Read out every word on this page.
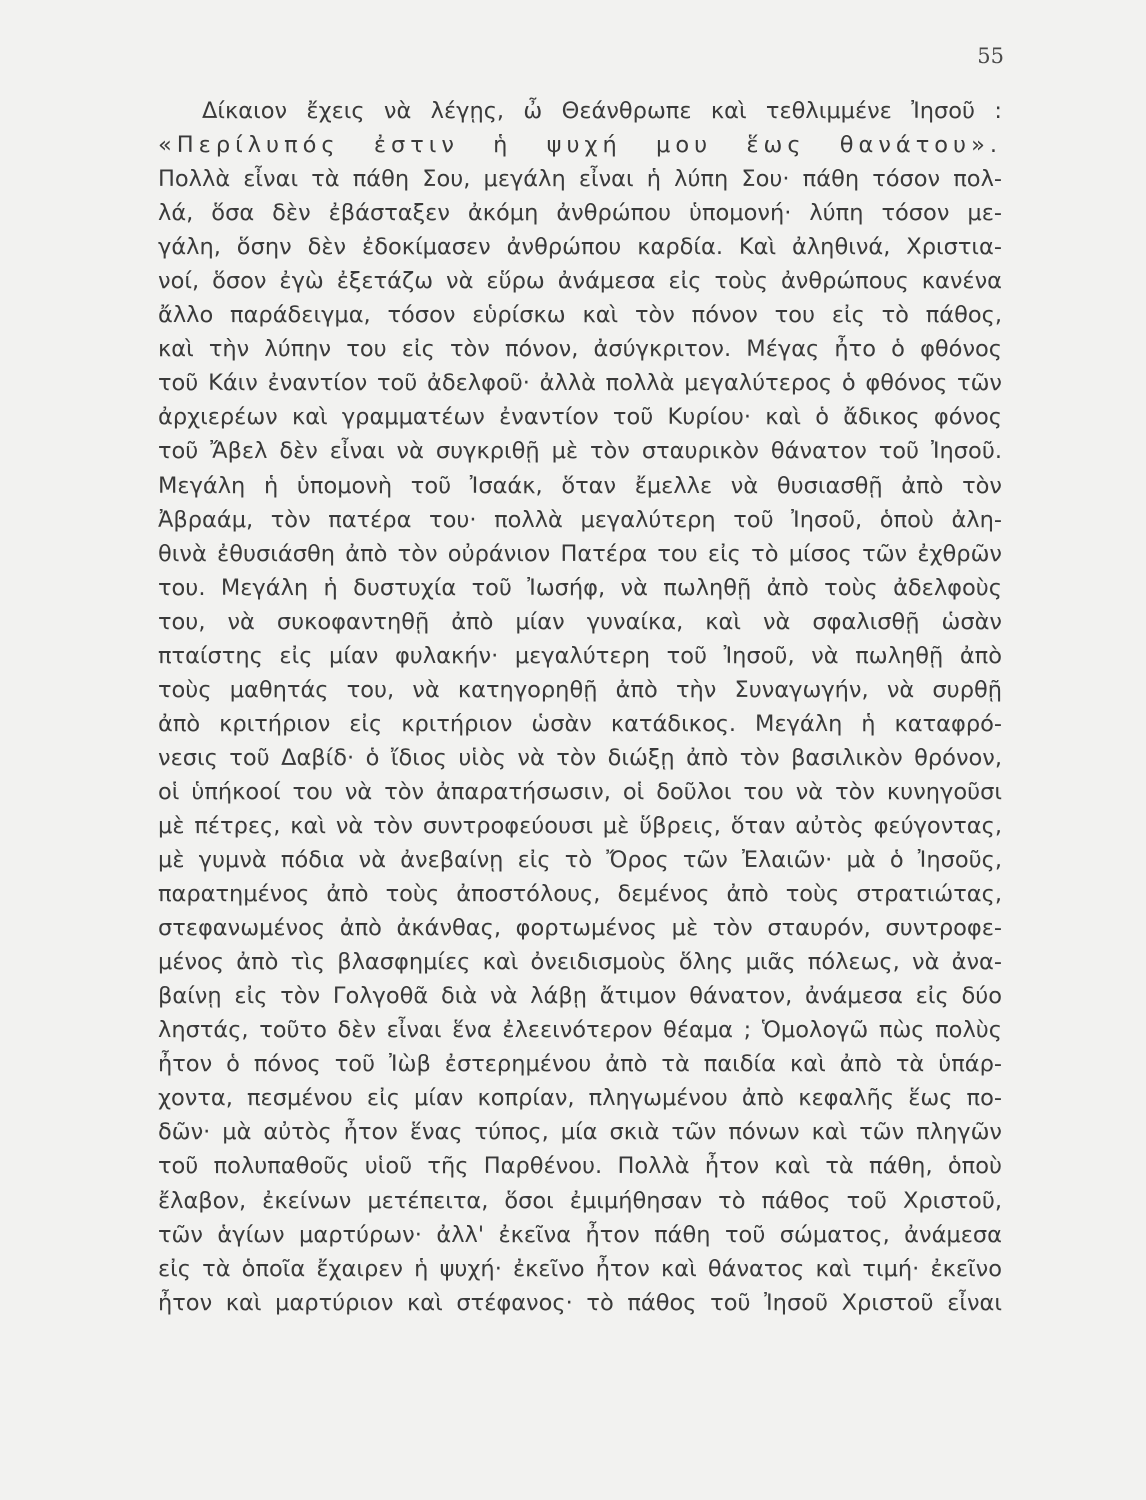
55
Δίκαιον ἔχεις νὰ λέγῃς, ὦ Θεάνθρωπε καὶ τεθλιμμένε Ἰησοῦ :
«Περίλυπός ἐστιν ἡ ψυχή μου ἕως θανάτου».
Πολλὰ εἶναι τὰ πάθη Σου, μεγάλη εἶναι ἡ λύπη Σου· πάθη τόσον πολ-
λά, ὅσα δὲν ἐβάσταξεν ἀκόμη ἀνθρώπου ὑπομονή· λύπη τόσον με-
γάλη, ὅσην δὲν ἐδοκίμασεν ἀνθρώπου καρδία. Καὶ ἀληθινά, Χριστια-
νοί, ὅσον ἐγὼ ἐξετάζω νὰ εὕρω ἀνάμεσα εἰς τοὺς ἀνθρώπους κανένα
ἄλλο παράδειγμα, τόσον εὑρίσκω καὶ τὸν πόνον του εἰς τὸ πάθος,
καὶ τὴν λύπην του εἰς τὸν πόνον, ἀσύγκριτον. Μέγας ἦτο ὁ φθόνος
τοῦ Κάιν ἐναντίον τοῦ ἀδελφοῦ· ἀλλὰ πολλὰ μεγαλύτερος ὁ φθόνος τῶν
ἀρχιερέων καὶ γραμματέων ἐναντίον τοῦ Κυρίου· καὶ ὁ ἄδικος φόνος
τοῦ Ἄβελ δὲν εἶναι νὰ συγκριθῇ μὲ τὸν σταυρικὸν θάνατον τοῦ Ἰησοῦ.
Μεγάλη ἡ ὑπομονὴ τοῦ Ἰσαάκ, ὅταν ἔμελλε νὰ θυσιασθῇ ἀπὸ τὸν
Ἀβραάμ, τὸν πατέρα του· πολλὰ μεγαλύτερη τοῦ Ἰησοῦ, ὁποὺ ἀλη-
θινὰ ἐθυσιάσθη ἀπὸ τὸν οὐράνιον Πατέρα του εἰς τὸ μίσος τῶν ἐχθρῶν
του. Μεγάλη ἡ δυστυχία τοῦ Ἰωσήφ, νὰ πωληθῇ ἀπὸ τοὺς ἀδελφοὺς
του, νὰ συκοφαντηθῇ ἀπὸ μίαν γυναίκα, καὶ νὰ σφαλισθῇ ὡσὰν
πταίστης εἰς μίαν φυλακήν· μεγαλύτερη τοῦ Ἰησοῦ, νὰ πωληθῇ ἀπὸ
τοὺς μαθητάς του, νὰ κατηγορηθῇ ἀπὸ τὴν Συναγωγήν, νὰ συρθῇ
ἀπὸ κριτήριον εἰς κριτήριον ὡσὰν κατάδικος. Μεγάλη ἡ καταφρό-
νεσις τοῦ Δαβίδ· ὁ ἴδιος υἱὸς νὰ τὸν διώξῃ ἀπὸ τὸν βασιλικὸν θρόνον,
οἱ ὑπήκοοί του νὰ τὸν ἀπαρατήσωσιν, οἱ δοῦλοι του νὰ τὸν κυνηγοῦσι
μὲ πέτρες, καὶ νὰ τὸν συντροφεύουσι μὲ ὕβρεις, ὅταν αὐτὸς φεύγοντας,
μὲ γυμνὰ πόδια νὰ ἀνεβαίνῃ εἰς τὸ Ὄρος τῶν Ἐλαιῶν· μὰ ὁ Ἰησοῦς,
παρατημένος ἀπὸ τοὺς ἀποστόλους, δεμένος ἀπὸ τοὺς στρατιώτας,
στεφανωμένος ἀπὸ ἀκάνθας, φορτωμένος μὲ τὸν σταυρόν, συντροφε-
μένος ἀπὸ τὶς βλασφημίες καὶ ὀνειδισμοὺς ὅλης μιᾶς πόλεως, νὰ ἀνα-
βαίνῃ εἰς τὸν Γολγοθᾶ διὰ νὰ λάβῃ ἄτιμον θάνατον, ἀνάμεσα εἰς δύο
ληστάς, τοῦτο δὲν εἶναι ἕνα ἐλεεινότερον θέαμα ; Ὁμολογῶ πὼς πολὺς
ἦτον ὁ πόνος τοῦ Ἰὼβ ἐστερημένου ἀπὸ τὰ παιδία καὶ ἀπὸ τὰ ὑπάρ-
χοντα, πεσμένου εἰς μίαν κοπρίαν, πληγωμένου ἀπὸ κεφαλῆς ἕως πο-
δῶν· μὰ αὐτὸς ἦτον ἕνας τύπος, μία σκιὰ τῶν πόνων καὶ τῶν πληγῶν
τοῦ πολυπαθοῦς υἱοῦ τῆς Παρθένου. Πολλὰ ἦτον καὶ τὰ πάθη, ὁποὺ
ἔλαβον, ἐκείνων μετέπειτα, ὅσοι ἐμιμήθησαν τὸ πάθος τοῦ Χριστοῦ,
τῶν ἁγίων μαρτύρων· ἀλλ' ἐκεῖνα ἦτον πάθη τοῦ σώματος, ἀνάμεσα
εἰς τὰ ὁποῖα ἔχαιρεν ἡ ψυχή· ἐκεῖνο ἦτον καὶ θάνατος καὶ τιμή· ἐκεῖνο
ἦτον καὶ μαρτύριον καὶ στέφανος· τὸ πάθος τοῦ Ἰησοῦ Χριστοῦ εἶναι
